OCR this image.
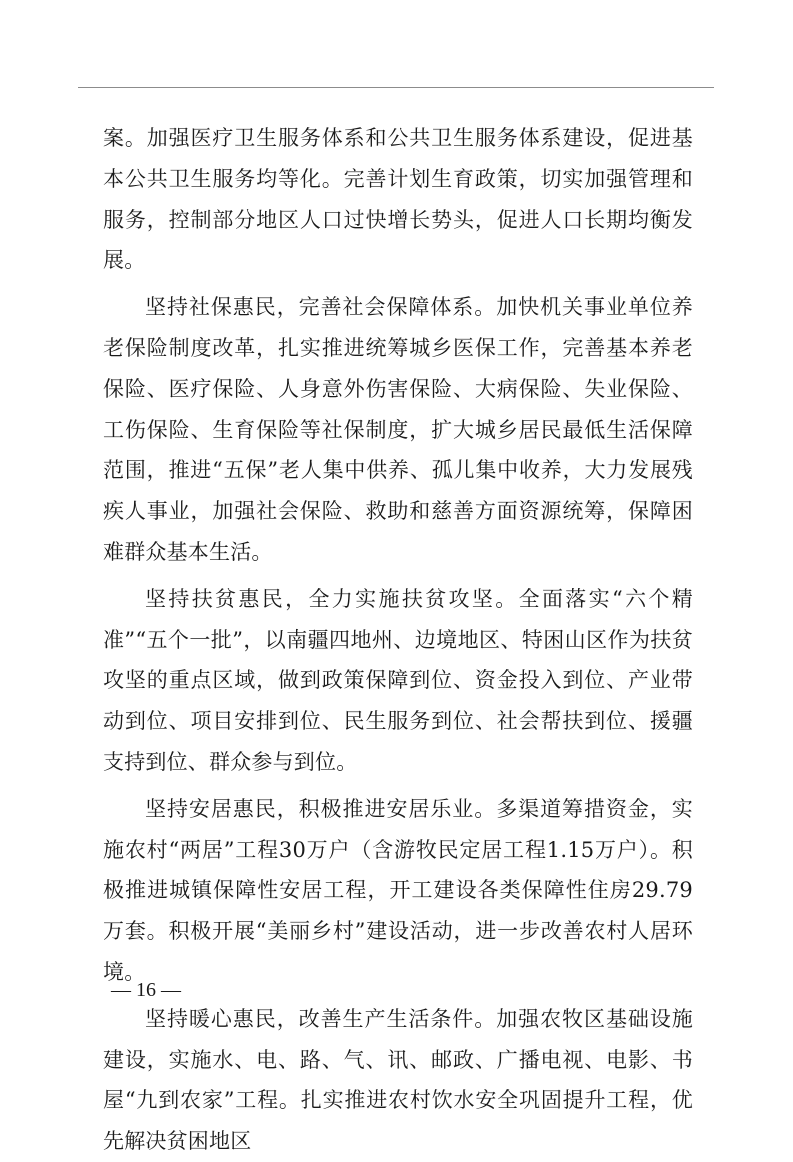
案。加强医疗卫生服务体系和公共卫生服务体系建设，促进基本公共卫生服务均等化。完善计划生育政策，切实加强管理和服务，控制部分地区人口过快增长势头，促进人口长期均衡发展。

坚持社保惠民，完善社会保障体系。加快机关事业单位养老保险制度改革，扎实推进统筹城乡医保工作，完善基本养老保险、医疗保险、人身意外伤害保险、大病保险、失业保险、工伤保险、生育保险等社保制度，扩大城乡居民最低生活保障范围，推进“五保”老人集中供养、孤儿集中收养，大力发展残疾人事业，加强社会保险、救助和慈善方面资源统筹，保障困难群众基本生活。

坚持扶贫惠民，全力实施扶贫攻坚。全面落实“六个精准”“五个一批”，以南疆四地州、边境地区、特困山区作为扶贫攻坚的重点区域，做到政策保障到位、资金投入到位、产业带动到位、项目安排到位、民生服务到位、社会帮扶到位、援疆支持到位、群众参与到位。

坚持安居惠民，积极推进安居乐业。多渠道筹措资金，实施农村“两居”工程30万户（含游牧民定居工程1.15万户）。积极推进城镇保障性安居工程，开工建设各类保障性住房29.79万套。积极开展“美丽乡村”建设活动，进一步改善农村人居环境。

坚持暖心惠民，改善生产生活条件。加强农牧区基础设施建设，实施水、电、路、气、讯、邮政、广播电视、电影、书屋“九到农家”工程。扎实推进农村饮水安全巩固提升工程，优先解决贫困地区

— 16 —
